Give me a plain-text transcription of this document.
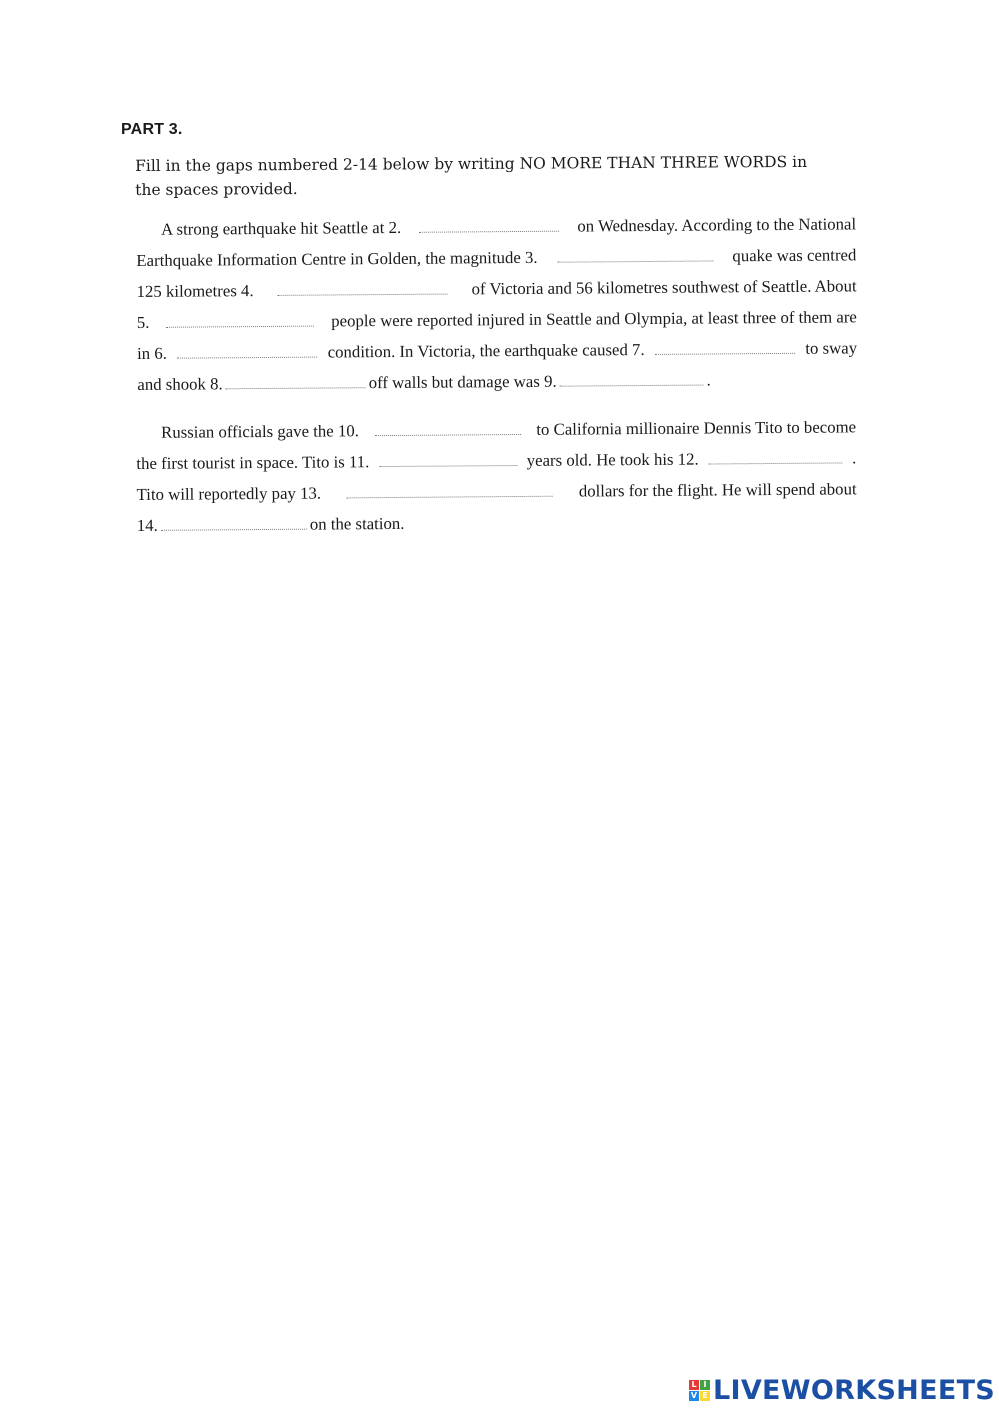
PART 3.
Fill in the gaps numbered 2-14 below by writing NO MORE THAN THREE WORDS in the spaces provided.
A strong earthquake hit Seattle at 2.	on Wednesday. According to the National
Earthquake Information Centre in Golden, the magnitude 3.	quake was centred
125 kilometres 4.	of Victoria and 56 kilometres southwest of Seattle. About
5.	people were reported injured in Seattle and Olympia, at least three of them are
in 6.	condition. In Victoria, the earthquake caused 7.	to sway
and shook 8.	off walls but damage was 9.	.
Russian officials gave the 10.	to California millionaire Dennis Tito to become
the first tourist in space. Tito is 11.	years old. He took his 12.	.
Tito will reportedly pay 13.	dollars for the flight. He will spend about
14.	on the station.
L I
V E LIVEWORKSHEETS
